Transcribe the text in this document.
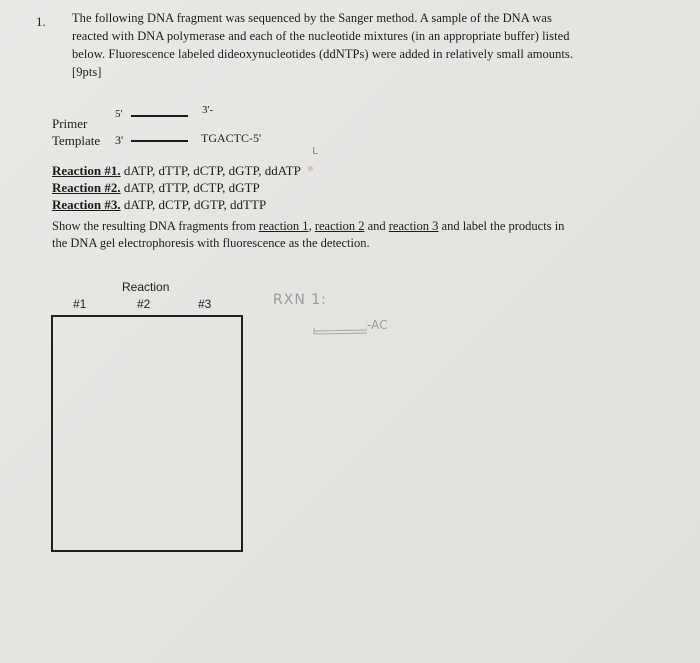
1. The following DNA fragment was sequenced by the Sanger method. A sample of the DNA was
reacted with DNA polymerase and each of the nucleotide mixtures (in an appropriate buffer) listed
below. Fluorescence labeled dideoxynucleotides (ddNTPs) were added in relatively small amounts.
[9pts]
Primer
Template
5'
3'
3'-
TGACTC-5'
ʟ
Reaction #1. dATP, dTTP, dCTP, dGTP, ddATP
Reaction #2. dATP, dTTP, dCTP, dGTP
Reaction #3. dATP, dCTP, dGTP, ddTTP
Show the resulting DNA fragments from reaction 1, reaction 2 and reaction 3 and label the products in
the DNA gel electrophoresis with fluorescence as the detection.
Reaction
#1	#2	#3	RXN 1:
-AC
